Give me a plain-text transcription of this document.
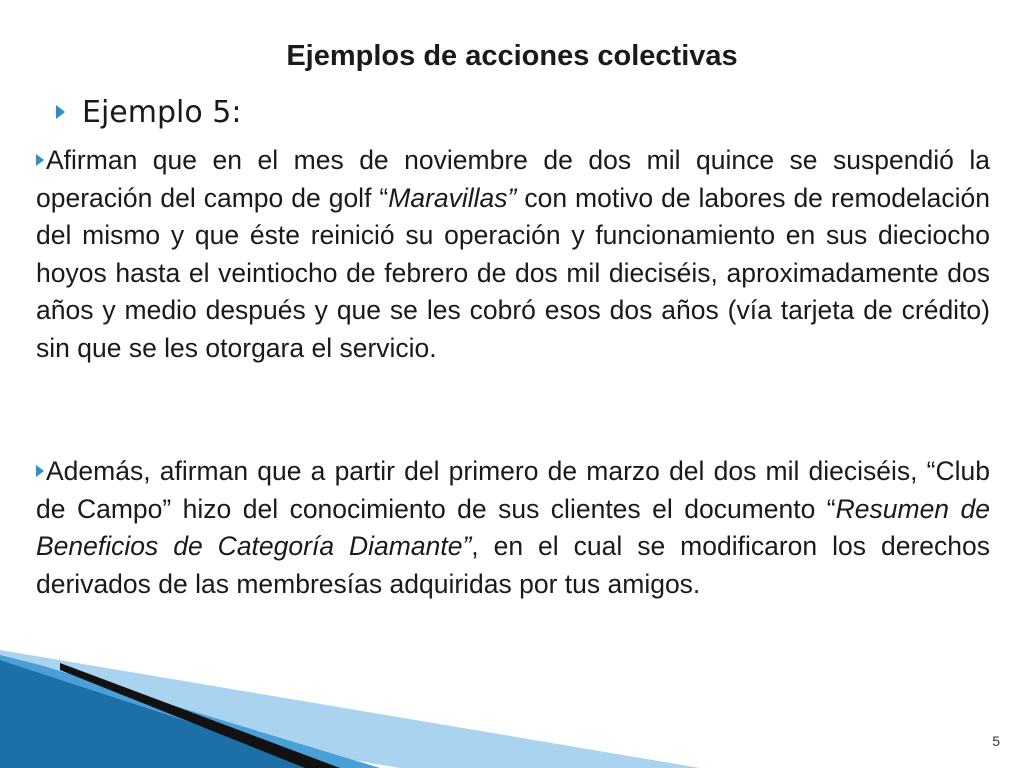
Ejemplos de acciones colectivas
Ejemplo 5:

Afirman que en el mes de noviembre de dos mil quince se suspendió la operación del campo de golf “Maravillas” con motivo de labores de remodelación del mismo y que éste reinició su operación y funcionamiento en sus dieciocho hoyos hasta el veintiocho de febrero de dos mil dieciséis, aproximadamente dos años y medio después y que se les cobró esos dos años (vía tarjeta de crédito) sin que se les otorgara el servicio.

Además, afirman que a partir del primero de marzo del dos mil dieciséis, “Club de Campo” hizo del conocimiento de sus clientes el documento “Resumen de Beneficios de Categoría Diamante”, en el cual se modificaron los derechos derivados de las membresías adquiridas por tus amigos.

5
